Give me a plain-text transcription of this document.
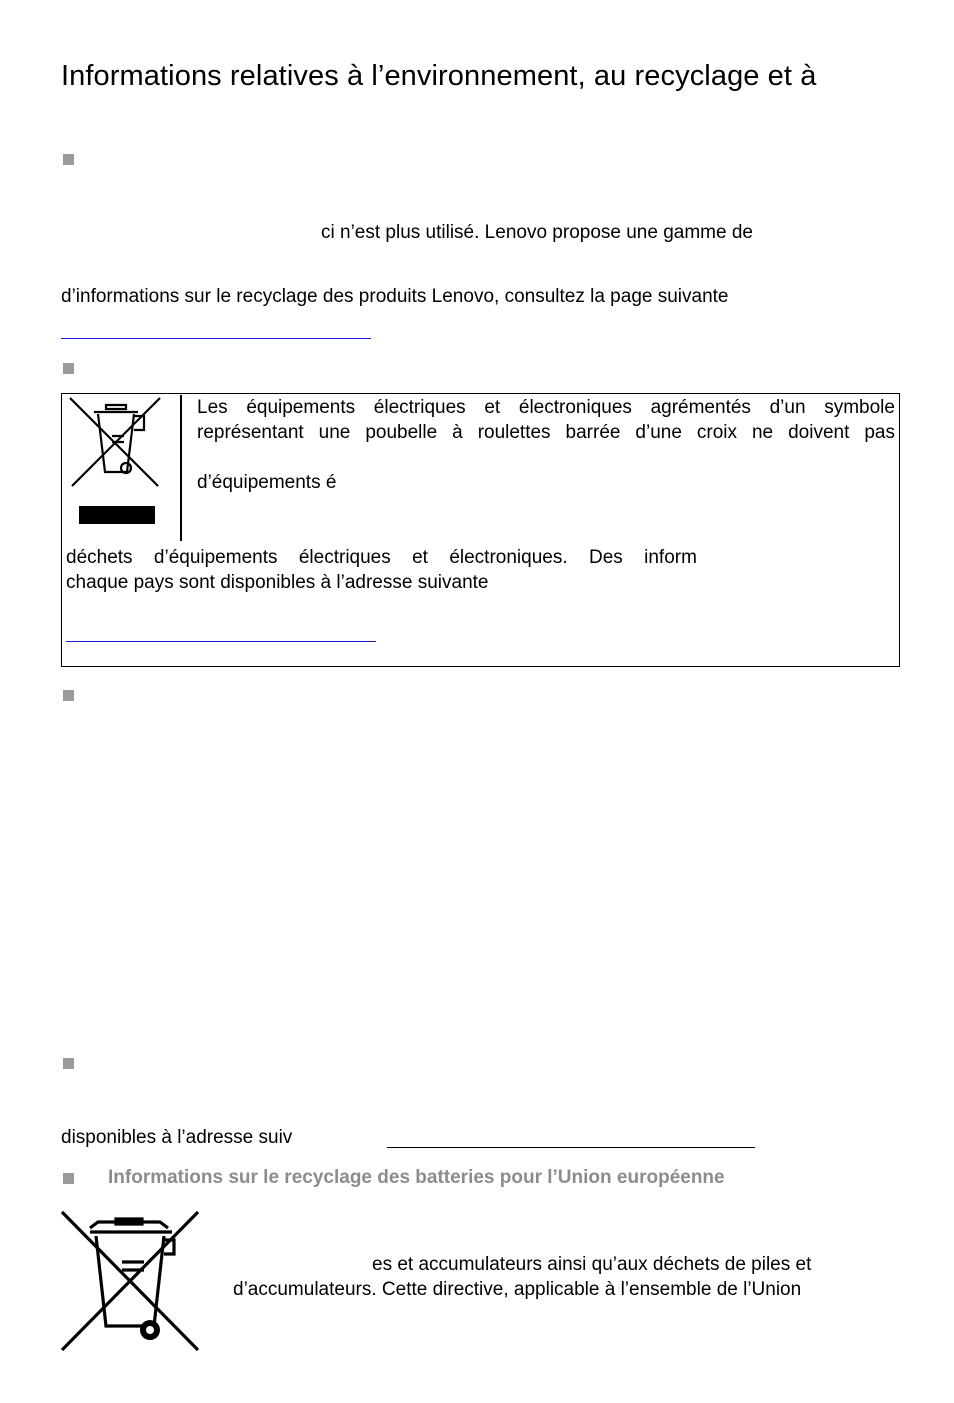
Informations relatives à l’environnement, au recyclage et à
ci n’est plus utilisé. Lenovo propose une gamme de
d’informations sur le recyclage des produits Lenovo, consultez la page suivante
Les équipements électriques et électroniques agrémentés d’un symbole
représentant une poubelle à roulettes barrée d’une croix ne doivent pas
d’équipements é
déchets d’équipements électriques et électroniques. Des inform
chaque pays sont disponibles à l’adresse suivante
disponibles à l’adresse suiv
Informations sur le recyclage des batteries pour l’Union européenne
es et accumulateurs ainsi qu’aux déchets de piles et
d’accumulateurs. Cette directive, applicable à l’ensemble de l’Union
